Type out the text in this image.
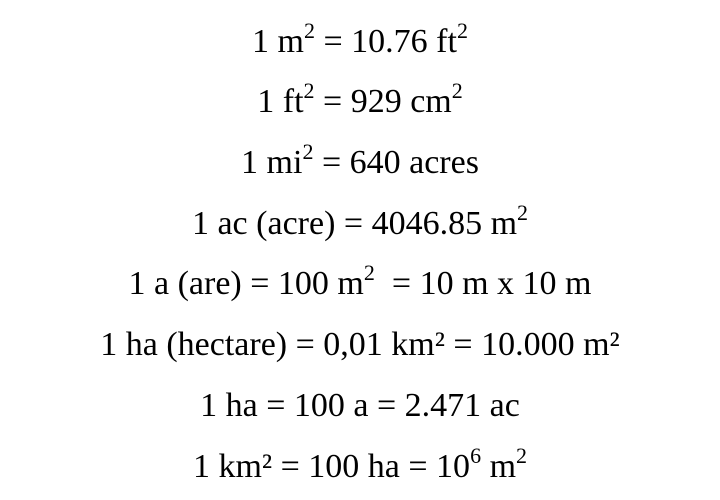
1 $m^2 = 10.76$ $ft^2$
1 $ft^2 = 929$ $cm^2$
1 $mi^2 = 640$ acres
1 ac (acre) = 4046.85 $m^2$
1 a (are) = 100 $m^2 = 10$ m x 10 m
1 ha (hectare) = 0,01 km² = 10.000 m²
1 ha = 100 a = 2.471 ac
1 km² = 100 ha = $10^6$ $m^2$
